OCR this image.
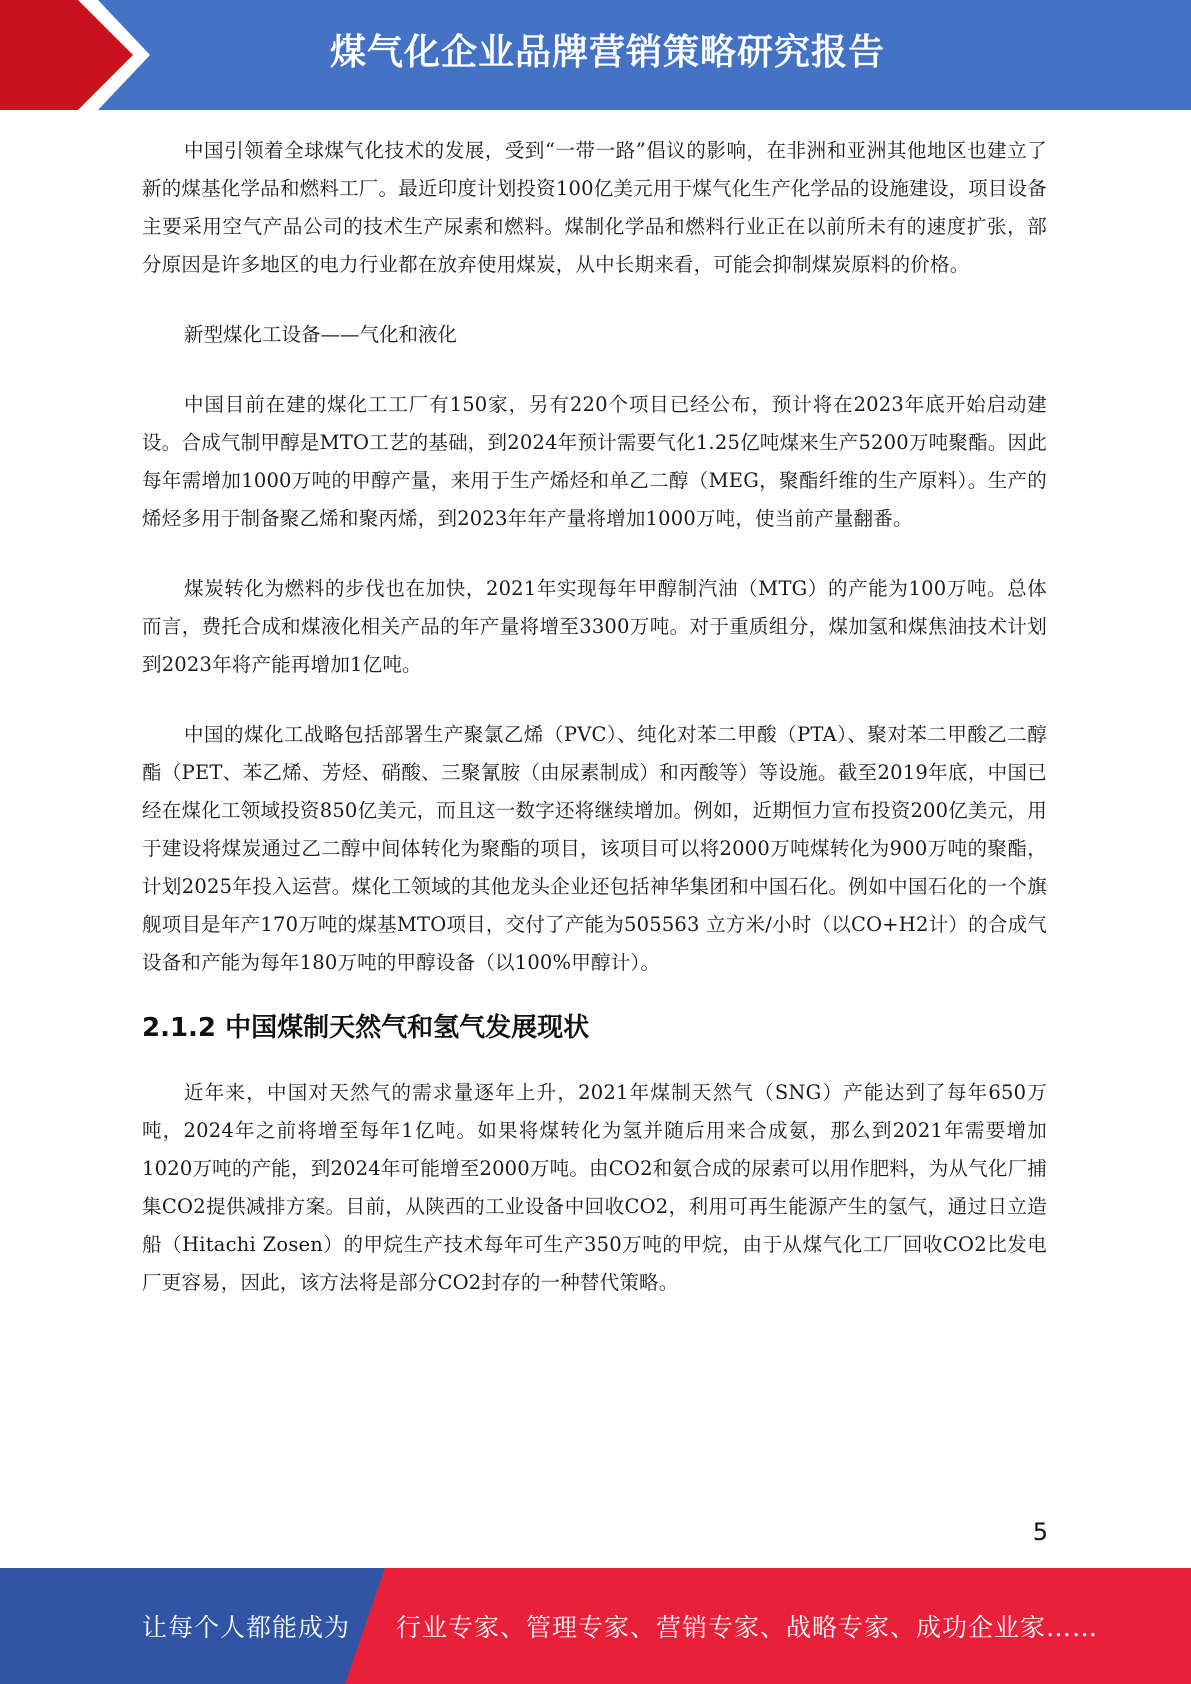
煤气化企业品牌营销策略研究报告

中国引领着全球煤气化技术的发展，受到“一带一路”倡议的影响，在非洲和亚洲其他地区也建立了新的煤基化学品和燃料工厂。最近印度计划投资100亿美元用于煤气化生产化学品的设施建设，项目设备主要采用空气产品公司的技术生产尿素和燃料。煤制化学品和燃料行业正在以前所未有的速度扩张，部分原因是许多地区的电力行业都在放弃使用煤炭，从中长期来看，可能会抑制煤炭原料的价格。

新型煤化工设备——气化和液化

中国目前在建的煤化工工厂有150家，另有220个项目已经公布，预计将在2023年底开始启动建设。合成气制甲醇是MTO工艺的基础，到2024年预计需要气化1.25亿吨煤来生产5200万吨聚酯。因此每年需增加1000万吨的甲醇产量，来用于生产烯烃和单乙二醇（MEG，聚酯纤维的生产原料）。生产的烯烃多用于制备聚乙烯和聚丙烯，到2023年年产量将增加1000万吨，使当前产量翻番。

煤炭转化为燃料的步伐也在加快，2021年实现每年甲醇制汽油（MTG）的产能为100万吨。总体而言，费托合成和煤液化相关产品的年产量将增至3300万吨。对于重质组分，煤加氢和煤焦油技术计划到2023年将产能再增加1亿吨。

中国的煤化工战略包括部署生产聚氯乙烯（PVC）、纯化对苯二甲酸（PTA）、聚对苯二甲酸乙二醇酯（PET、苯乙烯、芳烃、硝酸、三聚氰胺（由尿素制成）和丙酸等）等设施。截至2019年底，中国已经在煤化工领域投资850亿美元，而且这一数字还将继续增加。例如，近期恒力宣布投资200亿美元，用于建设将煤炭通过乙二醇中间体转化为聚酯的项目，该项目可以将2000万吨煤转化为900万吨的聚酯，计划2025年投入运营。煤化工领域的其他龙头企业还包括神华集团和中国石化。例如中国石化的一个旗舰项目是年产170万吨的煤基MTO项目，交付了产能为505563 立方米/小时（以CO+H2计）的合成气设备和产能为每年180万吨的甲醇设备（以100%甲醇计）。

2.1.2 中国煤制天然气和氢气发展现状

近年来，中国对天然气的需求量逐年上升，2021年煤制天然气（SNG）产能达到了每年650万吨，2024年之前将增至每年1亿吨。如果将煤转化为氢并随后用来合成氨，那么到2021年需要增加1020万吨的产能，到2024年可能增至2000万吨。由CO2和氨合成的尿素可以用作肥料，为从气化厂捕集CO2提供减排方案。目前，从陕西的工业设备中回收CO2，利用可再生能源产生的氢气，通过日立造船（Hitachi Zosen）的甲烷生产技术每年可生产350万吨的甲烷，由于从煤气化工厂回收CO2比发电厂更容易，因此，该方法将是部分CO2封存的一种替代策略。

5
让每个人都能成为 行业专家、管理专家、营销专家、战略专家、成功企业家……
